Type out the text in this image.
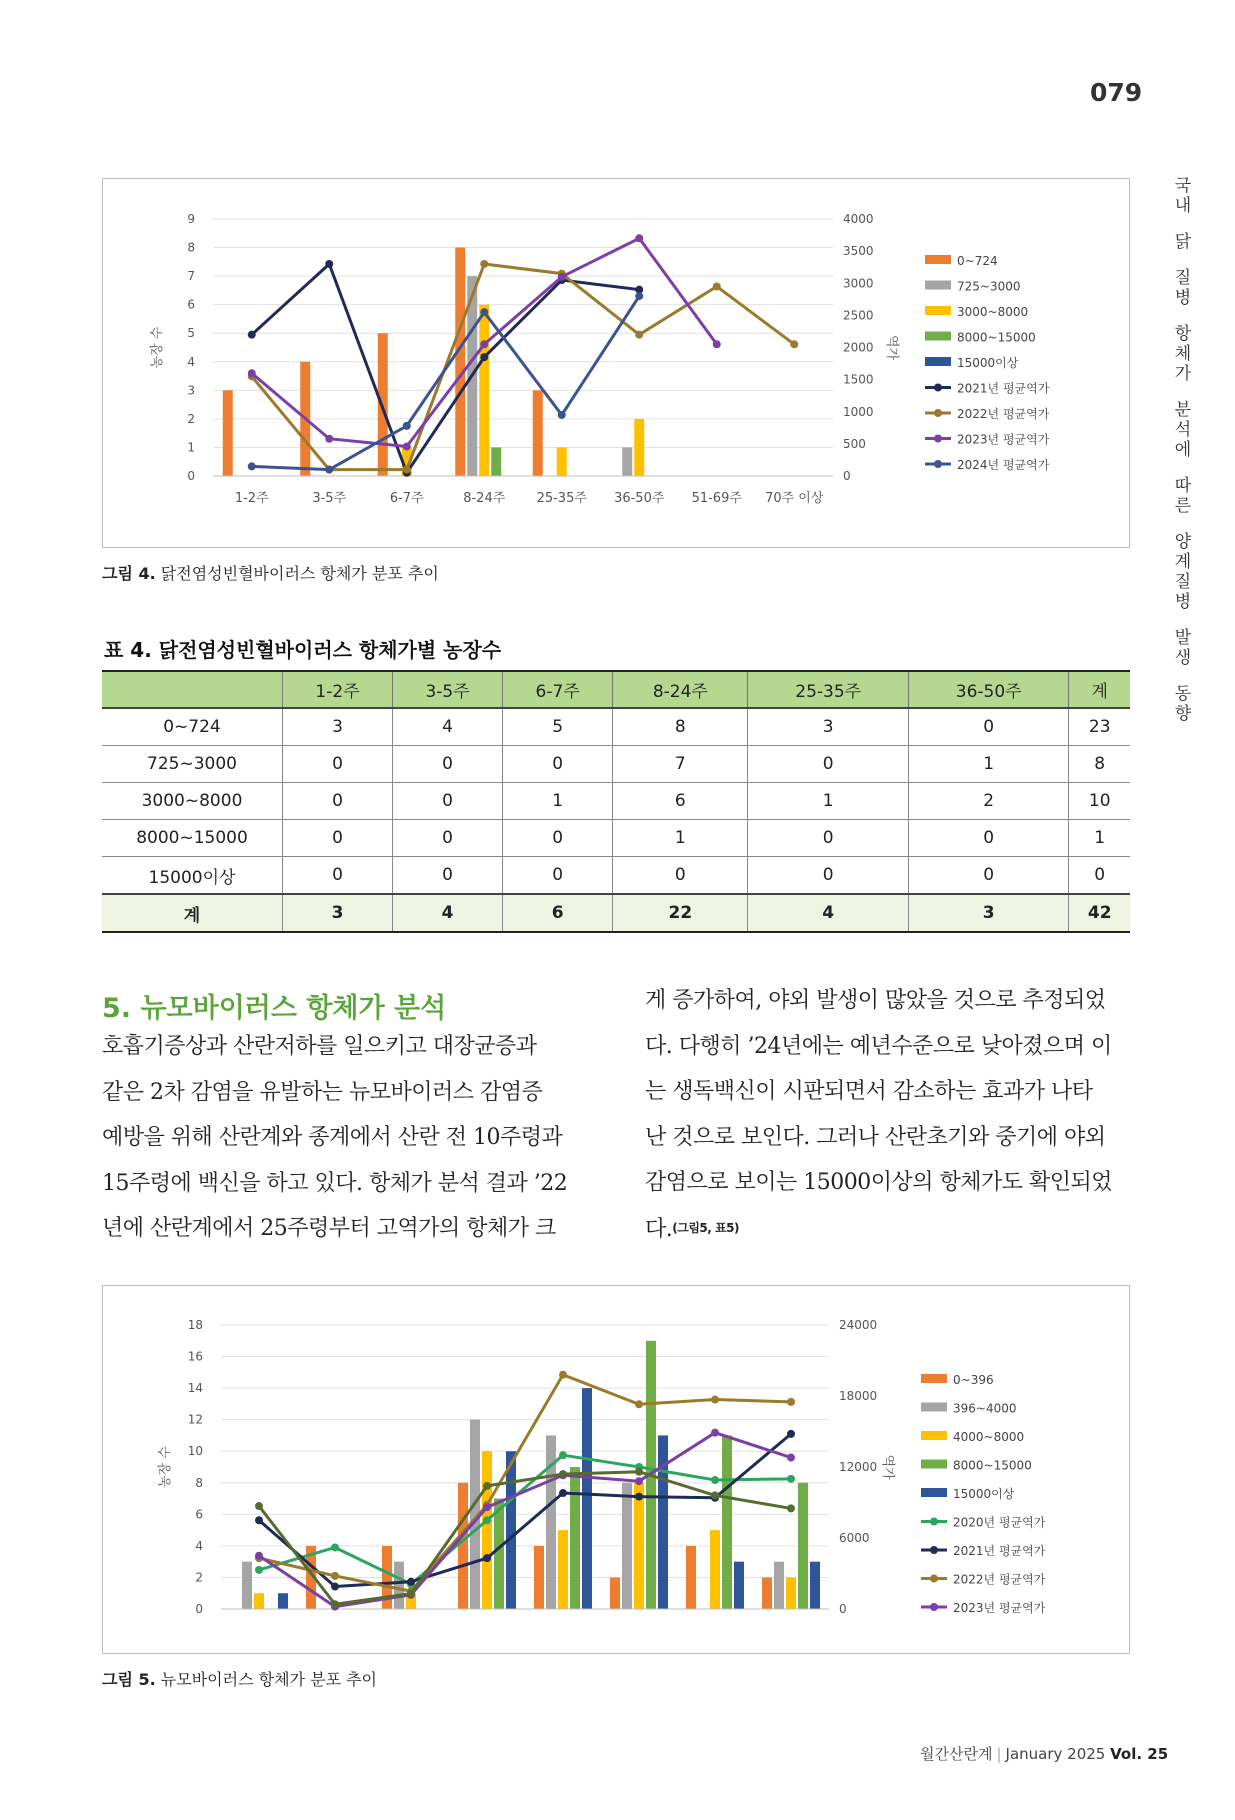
079
국
내
닭
질
병
항
체
가
분
석
에
따
른
양
계
질
병
발
생
동
향
0
1
2
3
4
5
6
7
8
9
0
500
1000
1500
2000
2500
3000
3500
4000
농장 수	역가
1-2주	3-5주	6-7주	8-24주 25-35주 36-50주 51-69주 70주 이상
0~724
725~3000
3000~8000
8000~15000
15000이상
2021년 평균역가
2022년 평균역가
2023년 평균역가
2024년 평균역가
그림 4. 닭전염성빈혈바이러스 항체가 분포 추이
표 4. 닭전염성빈혈바이러스 항체가별 농장수
	1-2주	3-5주	6-7주	8-24주	25-35주	36-50주	계
0~724	3	4	5	8	3	0	23
725~3000	0	0	0	7	0	1	8
3000~8000	0	0	1	6	1	2	10
8000~15000	0	0	0	1	0	0	1
15000이상	0	0	0	0	0	0	0
계	3	4	6	22	4	3	42
5. 뉴모바이러스 항체가 분석
호흡기증상과 산란저하를 일으키고 대장균증과
같은 2차 감염을 유발하는 뉴모바이러스 감염증
예방을 위해 산란계와 종계에서 산란 전 10주령과
15주령에 백신을 하고 있다. 항체가 분석 결과 ’22
년에 산란계에서 25주령부터 고역가의 항체가 크
게 증가하여, 야외 발생이 많았을 것으로 추정되었
다. 다행히 ’24년에는 예년수준으로 낮아졌으며 이
는 생독백신이 시판되면서 감소하는 효과가 나타
난 것으로 보인다. 그러나 산란초기와 중기에 야외
감염으로 보이는 15000이상의 항체가도 확인되었
다.$^{(그림5, 표5)}$
0
2
4
6
8
10
12
14
16
18
0
6000
12000
18000
24000
농장 수	역가
0~396
396~4000
4000~8000
8000~15000
15000이상
2020년 평균역가
2021년 평균역가
2022년 평균역가
2023년 평균역가
그림 5. 뉴모바이러스 항체가 분포 추이
월간산란계 | January 2025 Vol. 25
